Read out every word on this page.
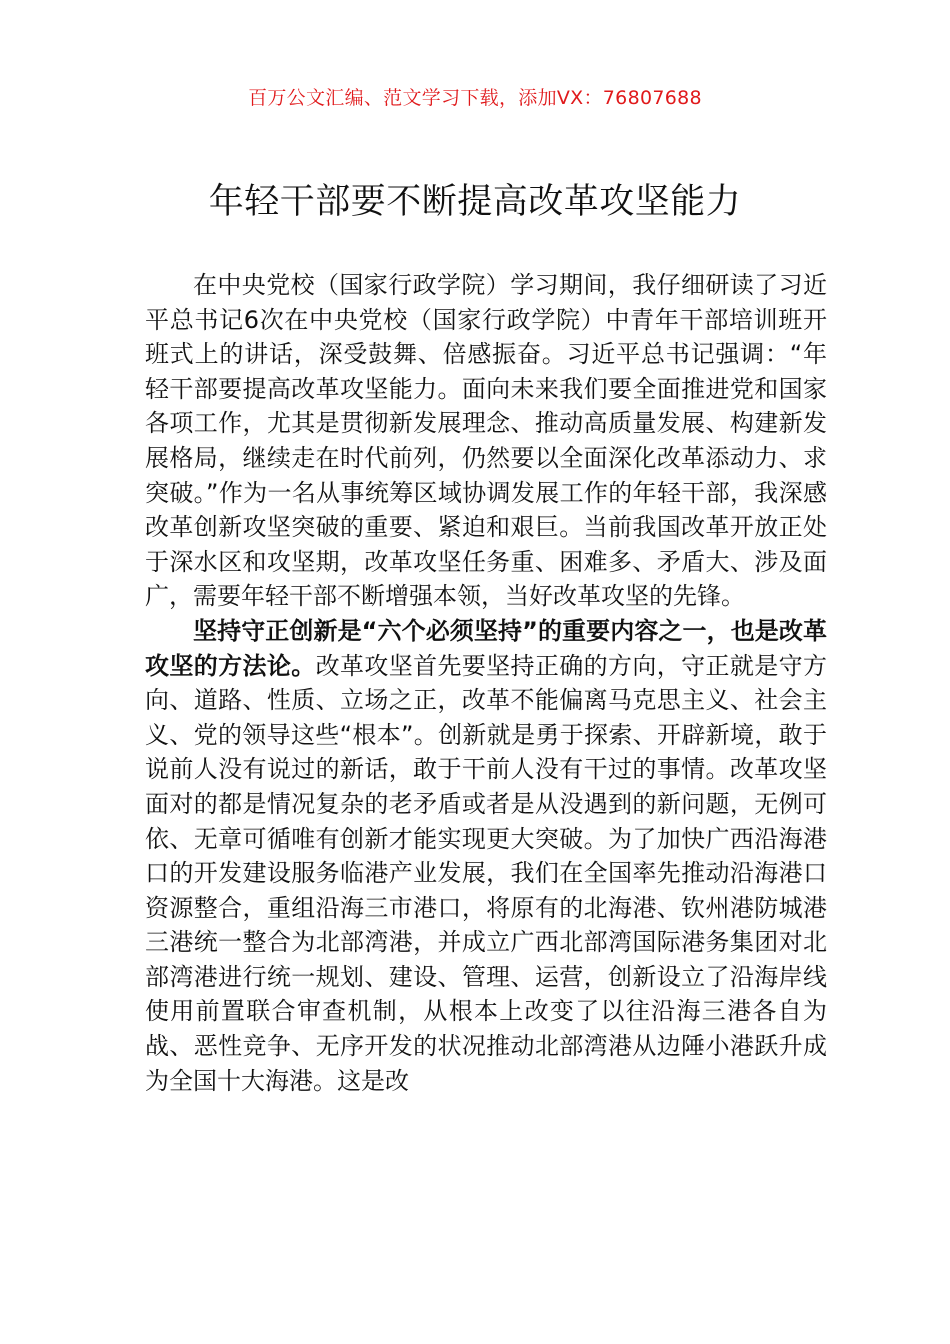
百万公文汇编、范文学习下载，添加VX：76807688
年轻干部要不断提高改革攻坚能力

在中央党校（国家行政学院）学习期间，我仔细研读了习近平总书记6次在中央党校（国家行政学院）中青年干部培训班开班式上的讲话，深受鼓舞、倍感振奋。习近平总书记强调：“年轻干部要提高改革攻坚能力。面向未来我们要全面推进党和国家各项工作，尤其是贯彻新发展理念、推动高质量发展、构建新发展格局，继续走在时代前列，仍然要以全面深化改革添动力、求突破。”作为一名从事统筹区域协调发展工作的年轻干部，我深感改革创新攻坚突破的重要、紧迫和艰巨。当前我国改革开放正处于深水区和攻坚期，改革攻坚任务重、困难多、矛盾大、涉及面广，需要年轻干部不断增强本领，当好改革攻坚的先锋。

坚持守正创新是“六个必须坚持”的重要内容之一，也是改革攻坚的方法论。改革攻坚首先要坚持正确的方向，守正就是守方向、道路、性质、立场之正，改革不能偏离马克思主义、社会主义、党的领导这些“根本”。创新就是勇于探索、开辟新境，敢于说前人没有说过的新话，敢于干前人没有干过的事情。改革攻坚面对的都是情况复杂的老矛盾或者是从没遇到的新问题，无例可依、无章可循唯有创新才能实现更大突破。为了加快广西沿海港口的开发建设服务临港产业发展，我们在全国率先推动沿海港口资源整合，重组沿海三市港口，将原有的北海港、钦州港防城港三港统一整合为北部湾港，并成立广西北部湾国际港务集团对北部湾港进行统一规划、建设、管理、运营，创新设立了沿海岸线使用前置联合审查机制，从根本上改变了以往沿海三港各自为战、恶性竞争、无序开发的状况推动北部湾港从边陲小港跃升成为全国十大海港。这是改
